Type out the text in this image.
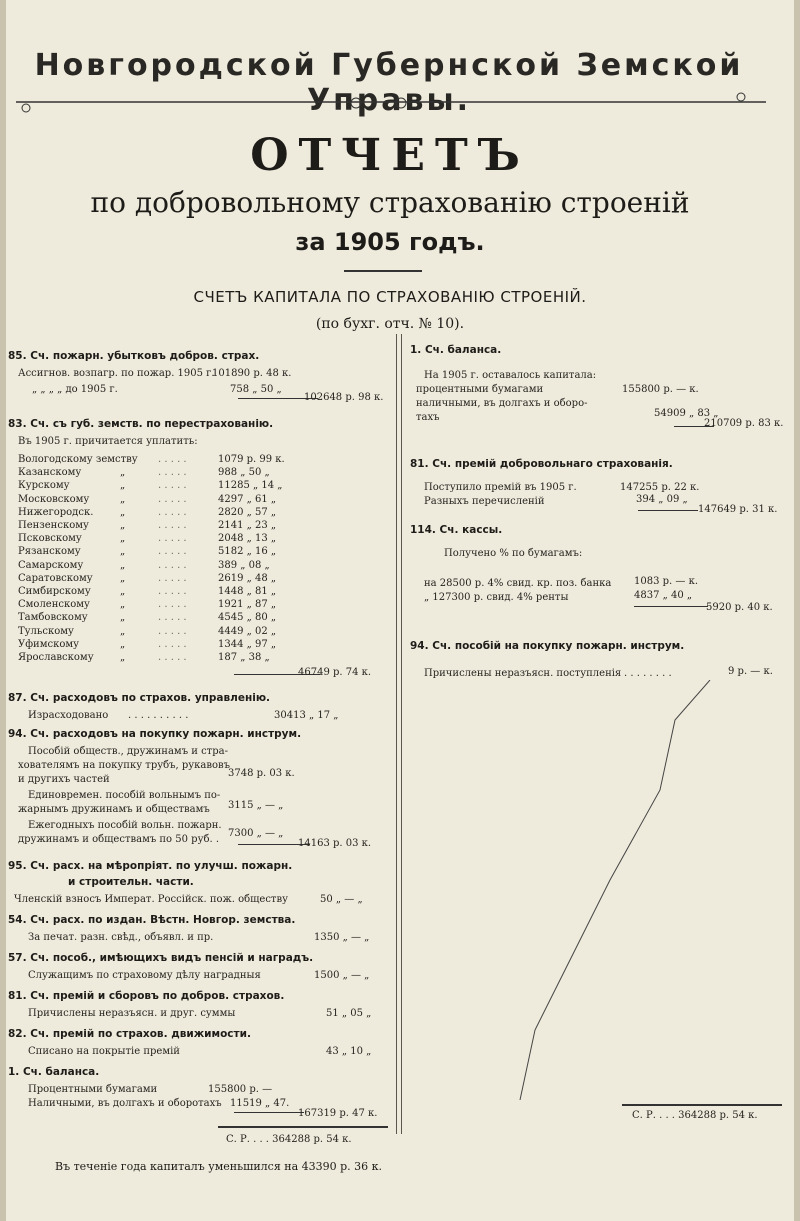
Новгородской Губернской Земской Управы.
ОТЧЕТЪ
по добровольному страхованію строеній
за 1905 годъ.
СЧЕТЪ КАПИТАЛА ПО СТРАХОВАНІЮ СТРОЕНІЙ.
(по бухг. отч. № 10).
85. Сч. пожарн. убытковъ добров. страх.
Ассигнов. возпагр. по пожар. 1905 г.
101890 р. 48 к.
„ „ „ „ до 1905 г.	758 „ 50 „
102648 р. 98 к.
83. Сч. съ губ. земств. по перестрахованію.
Въ 1905 г. причитается уплатить:
Вологодскому земству . . . . .	1079 р. 99 к.
Казанскому	„	. . . . .	988 „ 50 „
Курскому	„	. . . . .	11285 „ 14 „
Московскому	„	. . . . .	4297 „ 61 „
Нижегородск.	„	. . . . .	2820 „ 57 „
Пензенскому	„	. . . . .	2141 „ 23 „
Псковскому	„	. . . . .	2048 „ 13 „
Рязанскому	„	. . . . .	5182 „ 16 „
Самарскому	„	. . . . .	389 „ 08 „
Саратовскому	„	. . . . .	2619 „ 48 „
Симбирскому	„	. . . . .	1448 „ 81 „
Смоленскому	„	. . . . .	1921 „ 87 „
Тамбовскому	„	. . . . .	4545 „ 80 „
Тульскому	„	. . . . .	4449 „ 02 „
Уфимскому	„	. . . . .	1344 „ 97 „
Ярославскому	„	. . . . .	187 „ 38 „
46749 р. 74 к.
87. Сч. расходовъ по страхов. управленію.
Израсходовано . . . . . . . . . .	30413 „ 17 „
94. Сч. расходовъ на покупку пожарн. инструм.
Пособій обществ., дружинамъ и стра-
хователямъ на покупку трубъ, рукавовъ
и другихъ частей
3748 р. 03 к.
Единовремен. пособій вольнымъ по-
жарнымъ дружинамъ и обществамъ 3115 „ — „
Ежегодныхъ пособій вольн. пожарн.
дружинамъ и обществамъ по 50 руб. .
7300 „ — „
14163 р. 03 к.
95. Сч. расх. на мѣропріят. по улучш. пожарн.
и строительн. части.
Членскій взносъ Императ. Россійск. пож. обществу	50 „ — „
54. Сч. расх. по издан. Вѣстн. Новгор. земства.
За печат. разн. свѣд., объявл. и пр.	1350 „ — „
57. Сч. пособ., имѣющихъ видъ пенсій и наградъ.
Служащимъ по страховому дѣлу наградныя	1500 „ — „
81. Сч. премій и сборовъ по добров. страхов.
Причислены неразъясн. и друг. суммы	51 „ 05 „
82. Сч. премій по страхов. движимости.
Списано на покрытіе премій	43 „ 10 „
1. Сч. баланса.
Процентными бумагами	155800 р. —
Наличными, въ долгахъ и оборотахъ 11519 „ 47.
167319 р. 47 к.
С. Р. . . . 364288 р. 54 к.
1. Сч. баланса.
На 1905 г. оставалось капитала:
процентными бумагами	155800 р. — к.
наличными, въ долгахъ и оборо-
тахъ	54909 „ 83 „
210709 р. 83 к.
81. Сч. премій добровольнаго страхованія.
Поступило премій въ 1905 г.	147255 р. 22 к.
Разныхъ перечисленій	394 „ 09 „
147649 р. 31 к.
114. Сч. кассы.
Получено % по бумагамъ:
на 28500 р. 4% свид. кр. поз. банка 1083 р. — к.
„ 127300 р. свид. 4% ренты	4837 „ 40 „
5920 р. 40 к.
94. Сч. пособій на покупку пожарн. инструм.
Причислены неразъясн. поступленія . . . . . . . .	9 р. — к.
С. Р. . . . 364288 р. 54 к.
Въ теченіе года капиталъ уменьшился на 43390 р. 36 к.
